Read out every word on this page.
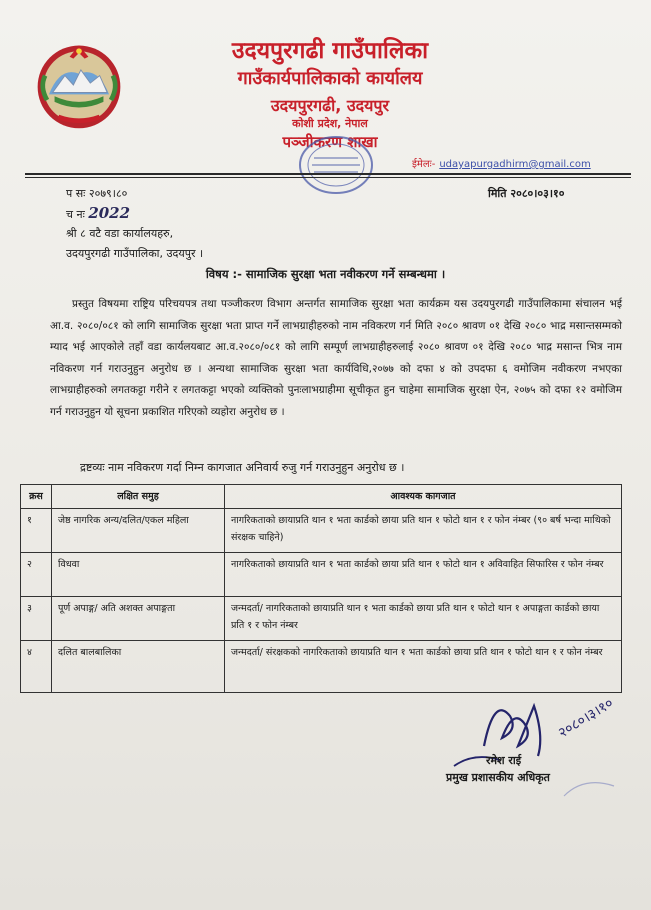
उदयपुरगढी गाउँपालिका
गाउँकार्यपालिकाको कार्यालय
उदयपुरगढी, उदयपुर
कोशी प्रदेश, नेपाल
पञ्जीकरण शाखा
ईमेलः- udayapurgadhirm@gmail.com
प सः २०७९।८०
च नः 2022
मिति २०८०।०३।१०
श्री ८ वटै वडा कार्यालयहरु,
उदयपुरगढी गाउँपालिका, उदयपुर ।
विषय :- सामाजिक सुरक्षा भता नवीकरण गर्ने सम्बन्धमा ।
प्रस्तुत विषयमा राष्ट्रिय परिचयपत्र तथा पञ्जीकरण विभाग अन्तर्गत सामाजिक सुरक्षा भता कार्यक्रम यस उदयपुरगढी गाउँपालिकामा संचालन भई आ.व. २०८०/०८१ को लागि सामाजिक सुरक्षा भता प्राप्त गर्ने लाभग्राहीहरुको नाम नविकरण गर्न मिति २०८० श्रावण ०१ देखि २०८० भाद्र मसान्तसम्मको म्याद भई आएकोले तहाँ वडा कार्यलयबाट आ.व.२०८०/०८१ को लागि सम्पूर्ण लाभग्राहीहरुलाई २०८० श्रावण ०१ देखि २०८० भाद्र मसान्त भित्र नाम नविकरण गर्न गराउनुहुन अनुरोध छ । अन्यथा सामाजिक सुरक्षा भता कार्यविधि,२०७७ को दफा ४ को उपदफा ६ वमोजिम नवीकरण नभएका लाभग्राहीहरुको लगतकट्टा गरीने र लगतकट्टा भएको व्यक्तिको पुनःलाभग्राहीमा सूचीकृत हुन चाहेमा सामाजिक सुरक्षा ऐन, २०७५ को दफा १२ वमोजिम गर्न गराउनुहुन यो सूचना प्रकाशित गरिएको व्यहोरा अनुरोध छ ।
द्रष्टव्यः नाम नविकरण गर्दा निम्न कागजात अनिवार्य रुजु गर्न गराउनुहुन अनुरोध छ ।
क्रस	लक्षित समुह	आवश्यक कागजात
१	जेष्ठ नागरिक अन्य/दलित/एकल महिला	नागरिकताको छायाप्रति थान १ भता कार्डको छाया प्रति थान १ फोटो थान १ र फोन नंम्बर (९० बर्ष भन्दा माथिको संरक्षक चाहिने)
२	विधवा	नागरिकताको छायाप्रति थान १ भता कार्डको छाया प्रति थान १ फोटो थान १ अविवाहित सिफारिस र फोन नंम्बर
३	पूर्ण अपाङ्ग/ अति अशक्त अपाङ्गता	जन्मदर्ता/ नागरिकताको छायाप्रति थान १ भता कार्डको छाया प्रति थान १ फोटो थान १ अपाङ्गता कार्डको छाया प्रति १ र फोन नंम्बर
४	दलित बालबालिका	जन्मदर्ता/ संरक्षकको नागरिकताको छायाप्रति थान १ भता कार्डको छाया प्रति थान १ फोटो थान १ र फोन नंम्बर
२०८०।३।१०
रमेश राई
प्रमुख प्रशासकीय अधिकृत
